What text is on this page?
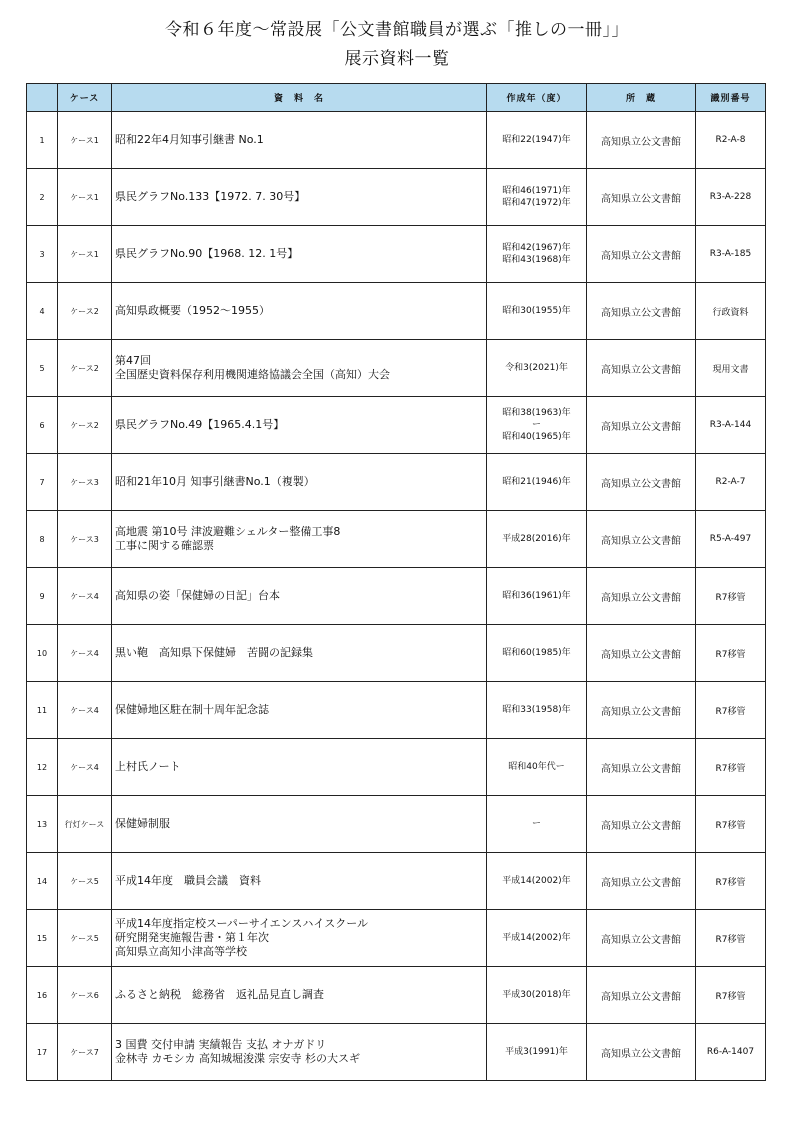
令和６年度～常設展「公文書館職員が選ぶ「推しの一冊」」
展示資料一覧
	ケース	資　料　名	作成年（度）	所　蔵	識別番号
1	ケース1	昭和22年4月知事引継書 No.1	昭和22(1947)年	高知県立公文書館	R2-A-8
2	ケース1	県民グラフNo.133【1972. 7. 30号】	昭和46(1971)年
昭和47(1972)年	高知県立公文書館	R3-A-228
3	ケース1	県民グラフNo.90【1968. 12. 1号】	昭和42(1967)年
昭和43(1968)年	高知県立公文書館	R3-A-185
4	ケース2	高知県政概要（1952～1955）	昭和30(1955)年	高知県立公文書館	行政資料
5	ケース2	第47回
全国歴史資料保存利用機関連絡協議会全国（高知）大会	令和3(2021)年	高知県立公文書館	現用文書
6	ケース2	県民グラフNo.49【1965.4.1号】	昭和38(1963)年
ー
昭和40(1965)年	高知県立公文書館	R3-A-144
7	ケース3	昭和21年10月 知事引継書No.1（複製）	昭和21(1946)年	高知県立公文書館	R2-A-7
8	ケース3	高地震 第10号 津波避難シェルター整備工事8
工事に関する確認票	平成28(2016)年	高知県立公文書館	R5-A-497
9	ケース4	高知県の姿「保健婦の日記」台本	昭和36(1961)年	高知県立公文書館	R7移管
10	ケース4	黒い鞄　高知県下保健婦　苦闘の記録集	昭和60(1985)年	高知県立公文書館	R7移管
11	ケース4	保健婦地区駐在制十周年記念誌	昭和33(1958)年	高知県立公文書館	R7移管
12	ケース4	上村氏ノート	昭和40年代ー	高知県立公文書館	R7移管
13	行灯ケース	保健婦制服	ー	高知県立公文書館	R7移管
14	ケース5	平成14年度　職員会議　資料	平成14(2002)年	高知県立公文書館	R7移管
15	ケース5	平成14年度指定校スーパーサイエンスハイスクール
研究開発実施報告書・第１年次
高知県立高知小津高等学校	平成14(2002)年	高知県立公文書館	R7移管
16	ケース6	ふるさと納税　総務省　返礼品見直し調査	平成30(2018)年	高知県立公文書館	R7移管
17	ケース7	3 国費 交付申請 実績報告 支払 オナガドリ
金林寺 カモシカ 高知城堀浚渫 宗安寺 杉の大スギ	平成3(1991)年	高知県立公文書館	R6-A-1407
